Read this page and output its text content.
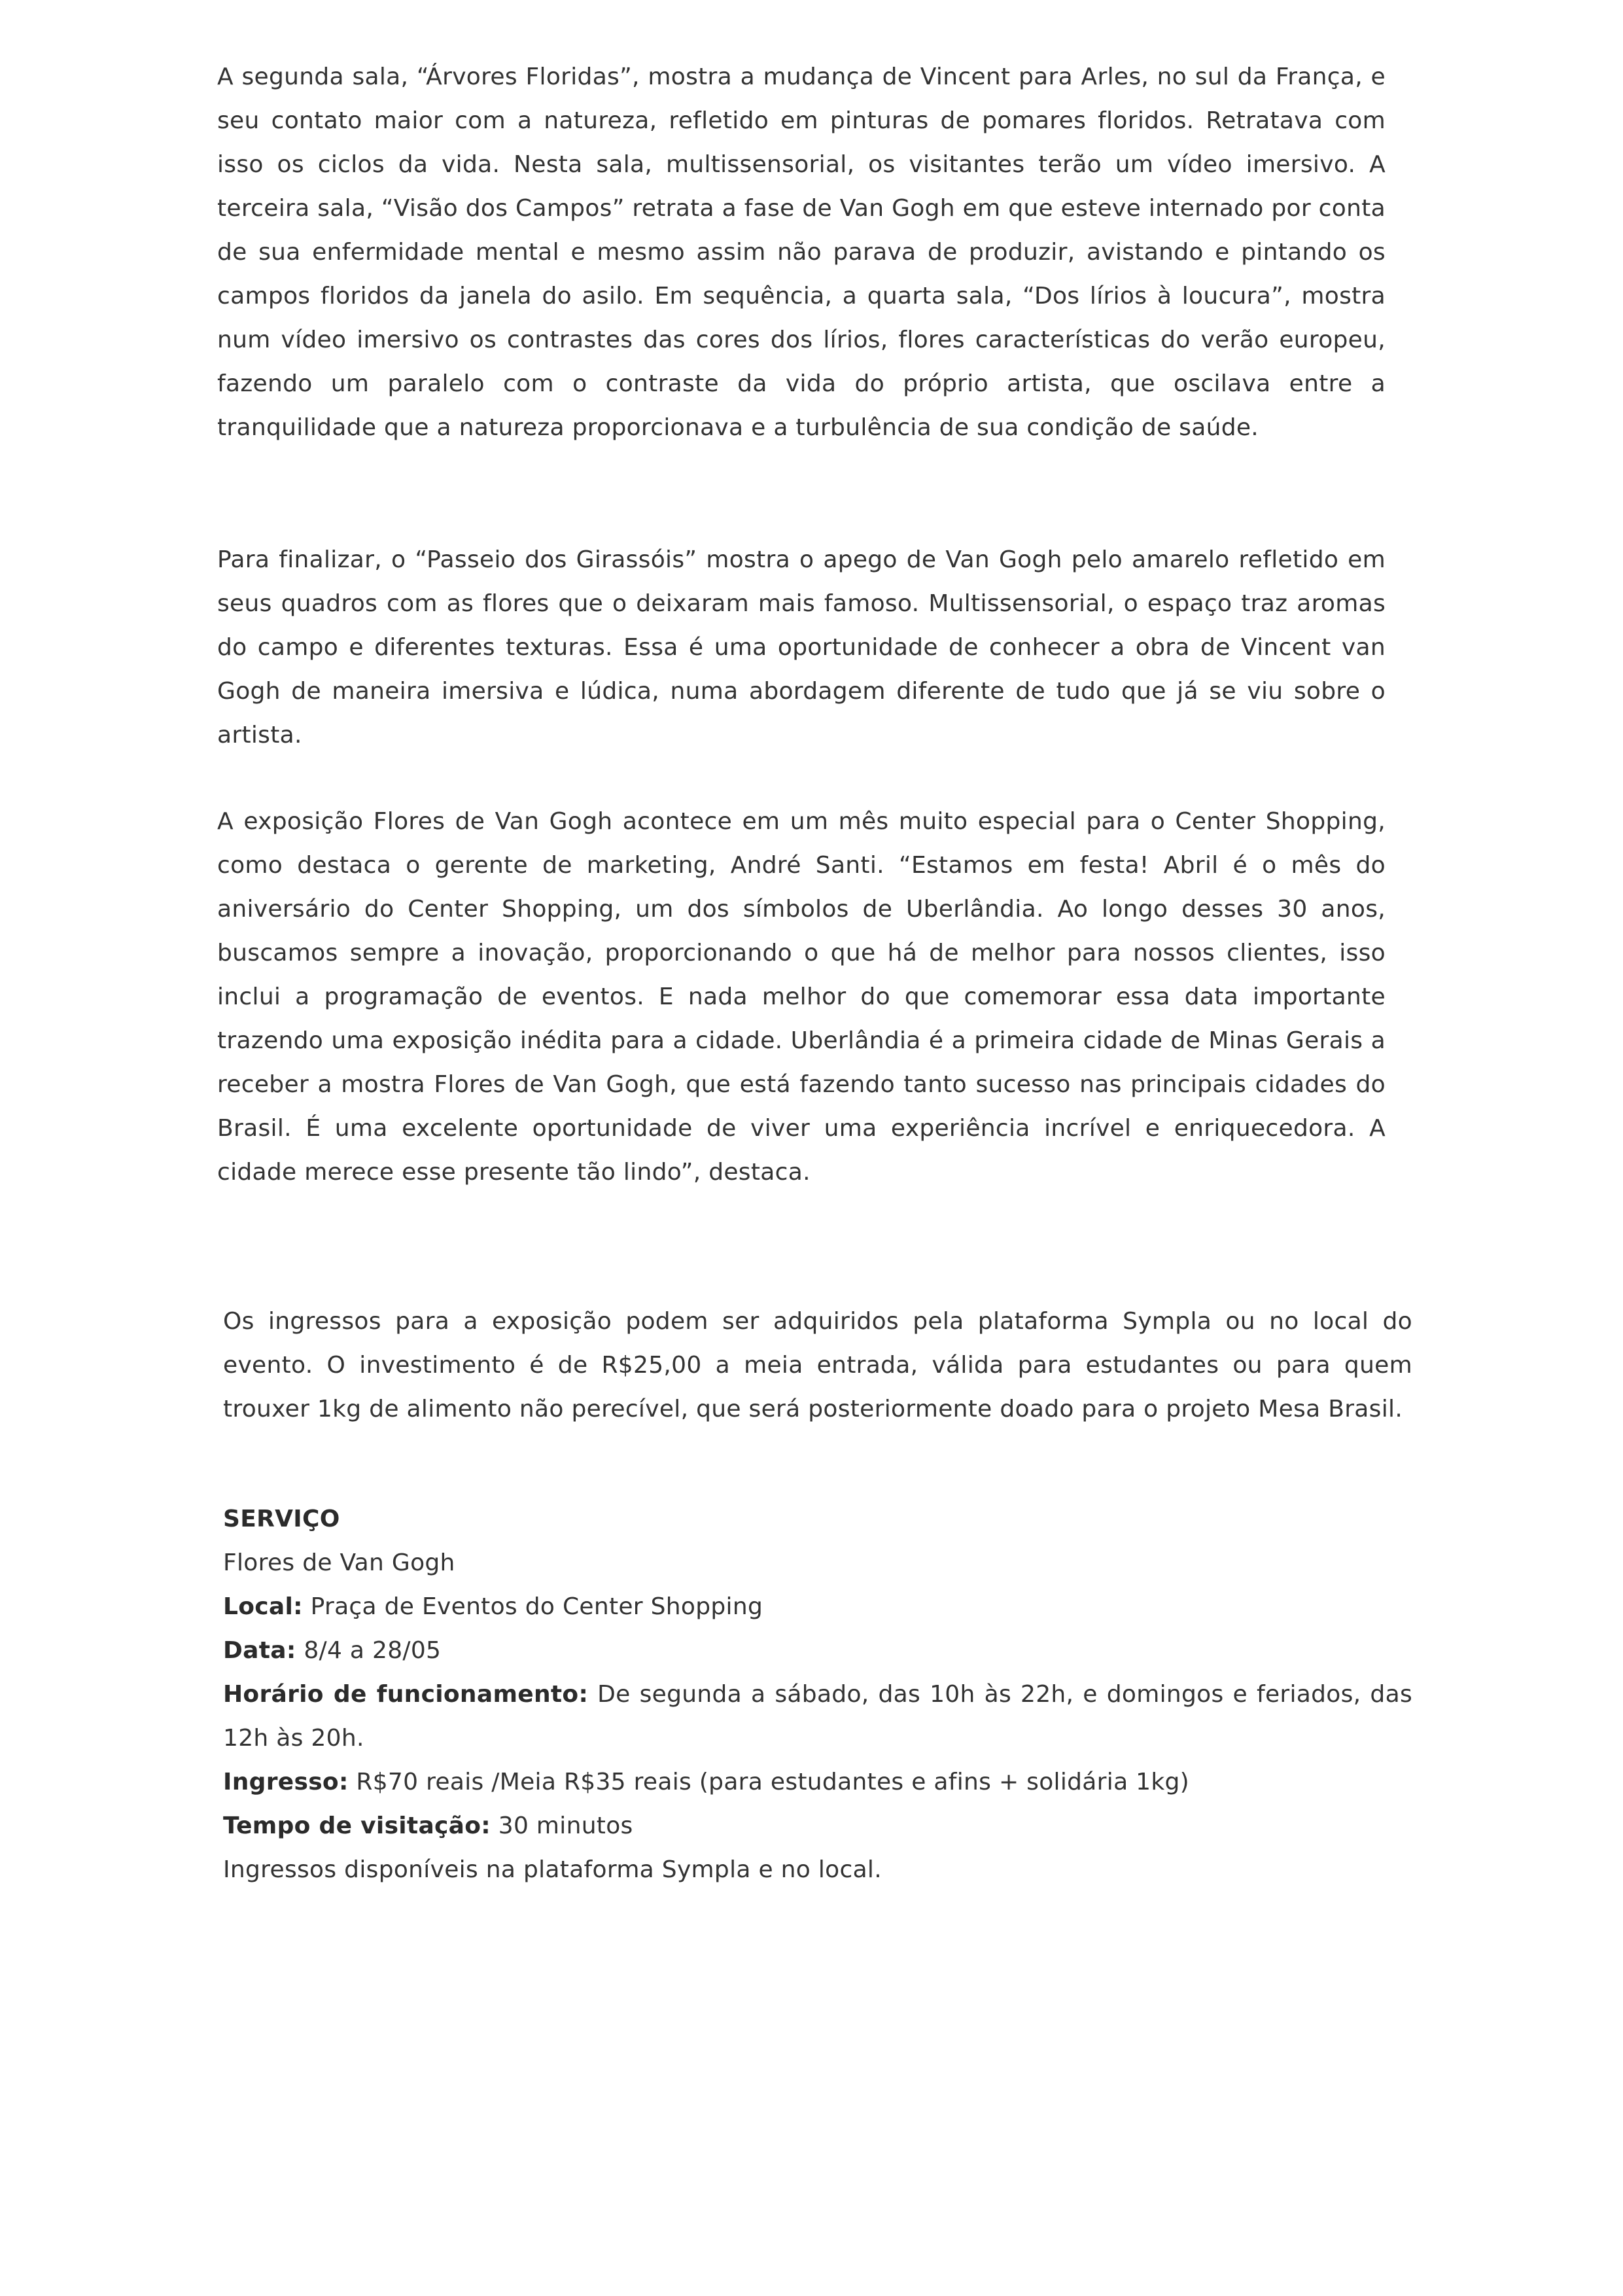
A segunda sala, “Árvores Floridas”, mostra a mudança de Vincent para Arles, no sul da França, e seu contato maior com a natureza, refletido em pinturas de pomares floridos. Retratava com isso os ciclos da vida. Nesta sala, multissensorial, os visitantes terão um vídeo imersivo. A terceira sala, “Visão dos Campos” retrata a fase de Van Gogh em que esteve internado por conta de sua enfermidade mental e mesmo assim não parava de produzir, avistando e pintando os campos floridos da janela do asilo. Em sequência, a quarta sala, “Dos lírios à loucura”, mostra num vídeo imersivo os contrastes das cores dos lírios, flores características do verão europeu, fazendo um paralelo com o contraste da vida do próprio artista, que oscilava entre a tranquilidade que a natureza proporcionava e a turbulência de sua condição de saúde.

Para finalizar, o “Passeio dos Girassóis” mostra o apego de Van Gogh pelo amarelo refletido em seus quadros com as flores que o deixaram mais famoso. Multissensorial, o espaço traz aromas do campo e diferentes texturas. Essa é uma oportunidade de conhecer a obra de Vincent van Gogh de maneira imersiva e lúdica, numa abordagem diferente de tudo que já se viu sobre o artista.

A exposição Flores de Van Gogh acontece em um mês muito especial para o Center Shopping, como destaca o gerente de marketing, André Santi. “Estamos em festa! Abril é o mês do aniversário do Center Shopping, um dos símbolos de Uberlândia. Ao longo desses 30 anos, buscamos sempre a inovação, proporcionando o que há de melhor para nossos clientes, isso inclui a programação de eventos. E nada melhor do que comemorar essa data importante trazendo uma exposição inédita para a cidade. Uberlândia é a primeira cidade de Minas Gerais a receber a mostra Flores de Van Gogh, que está fazendo tanto sucesso nas principais cidades do Brasil. É uma excelente oportunidade de viver uma experiência incrível e enriquecedora. A cidade merece esse presente tão lindo”, destaca.

Os ingressos para a exposição podem ser adquiridos pela plataforma Sympla ou no local do evento. O investimento é de R$25,00 a meia entrada, válida para estudantes ou para quem trouxer 1kg de alimento não perecível, que será posteriormente doado para o projeto Mesa Brasil.

SERVIÇO
Flores de Van Gogh
Local: Praça de Eventos do Center Shopping
Data: 8/4 a 28/05
Horário de funcionamento: De segunda a sábado, das 10h às 22h, e domingos e feriados, das 12h às 20h.
Ingresso: R$70 reais /Meia R$35 reais (para estudantes e afins + solidária 1kg)
Tempo de visitação: 30 minutos
Ingressos disponíveis na plataforma Sympla e no local.
